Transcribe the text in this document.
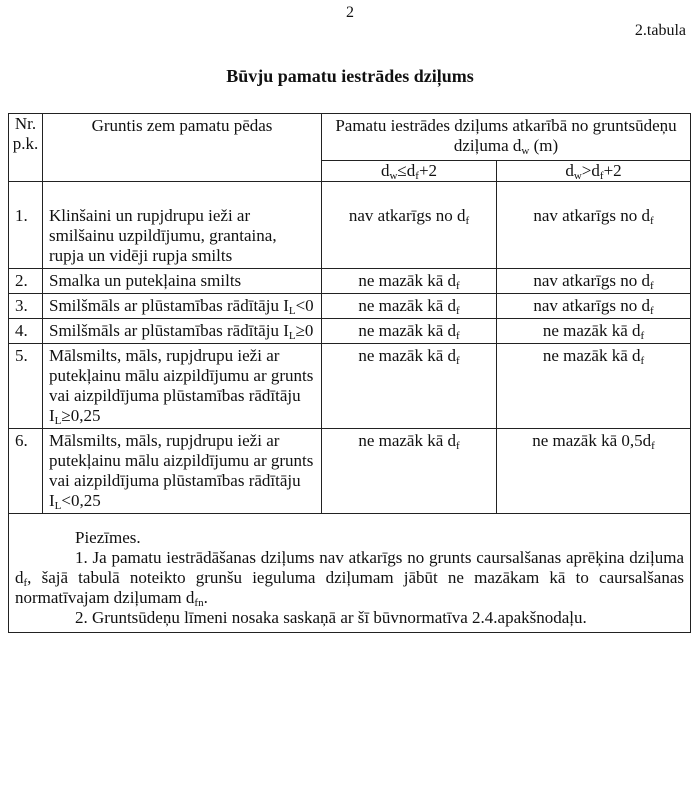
2
2.tabula
Būvju pamatu iestrādes dziļums
Nr. p.k.	Gruntis zem pamatu pēdas	Pamatu iestrādes dziļums atkarībā no gruntsūdeņu dziļuma $d_w$ (m)	
		$d_w\le d_f+2$	$d_w>d_f+2$
1.	Klinšaini un rupjdrupu ieži ar smilšainu uzpildījumu, grantaina, rupja un vidēji rupja smilts	nav atkarīgs no $d_f$	nav atkarīgs no $d_f$
2.	Smalka un putekļaina smilts	ne mazāk kā $d_f$	nav atkarīgs no $d_f$
3.	Smilšmāls ar plūstamības rādītāju $I_L<0$	ne mazāk kā $d_f$	nav atkarīgs no $d_f$
4.	Smilšmāls ar plūstamības rādītāju $I_L\ge 0$	ne mazāk kā $d_f$	ne mazāk kā $d_f$
5.	Mālsmilts, māls, rupjdrupu ieži ar putekļainu mālu aizpildījumu ar grunts vai aizpildījuma plūstamības rādītāju $I_L\ge 0,25$	ne mazāk kā $d_f$	ne mazāk kā $d_f$
6.	Mālsmilts, māls, rupjdrupu ieži ar putekļainu mālu aizpildījumu ar grunts vai aizpildījuma plūstamības rādītāju $I_L<0,25$	ne mazāk kā $d_f$	ne mazāk kā $0,5d_f$

Piezīmes.
1. Ja pamatu iestrādāšanas dziļums nav atkarīgs no grunts caursalšanas aprēķina dziļuma $d_f$, šajā tabulā noteikto grunšu ieguluma dziļumam jābūt ne mazākam kā to caursalšanas normatīvajam dziļumam $d_{fn}$.
2. Gruntsūdeņu līmeni nosaka saskaņā ar šī būvnormatīva 2.4.apakšnodaļu.			
